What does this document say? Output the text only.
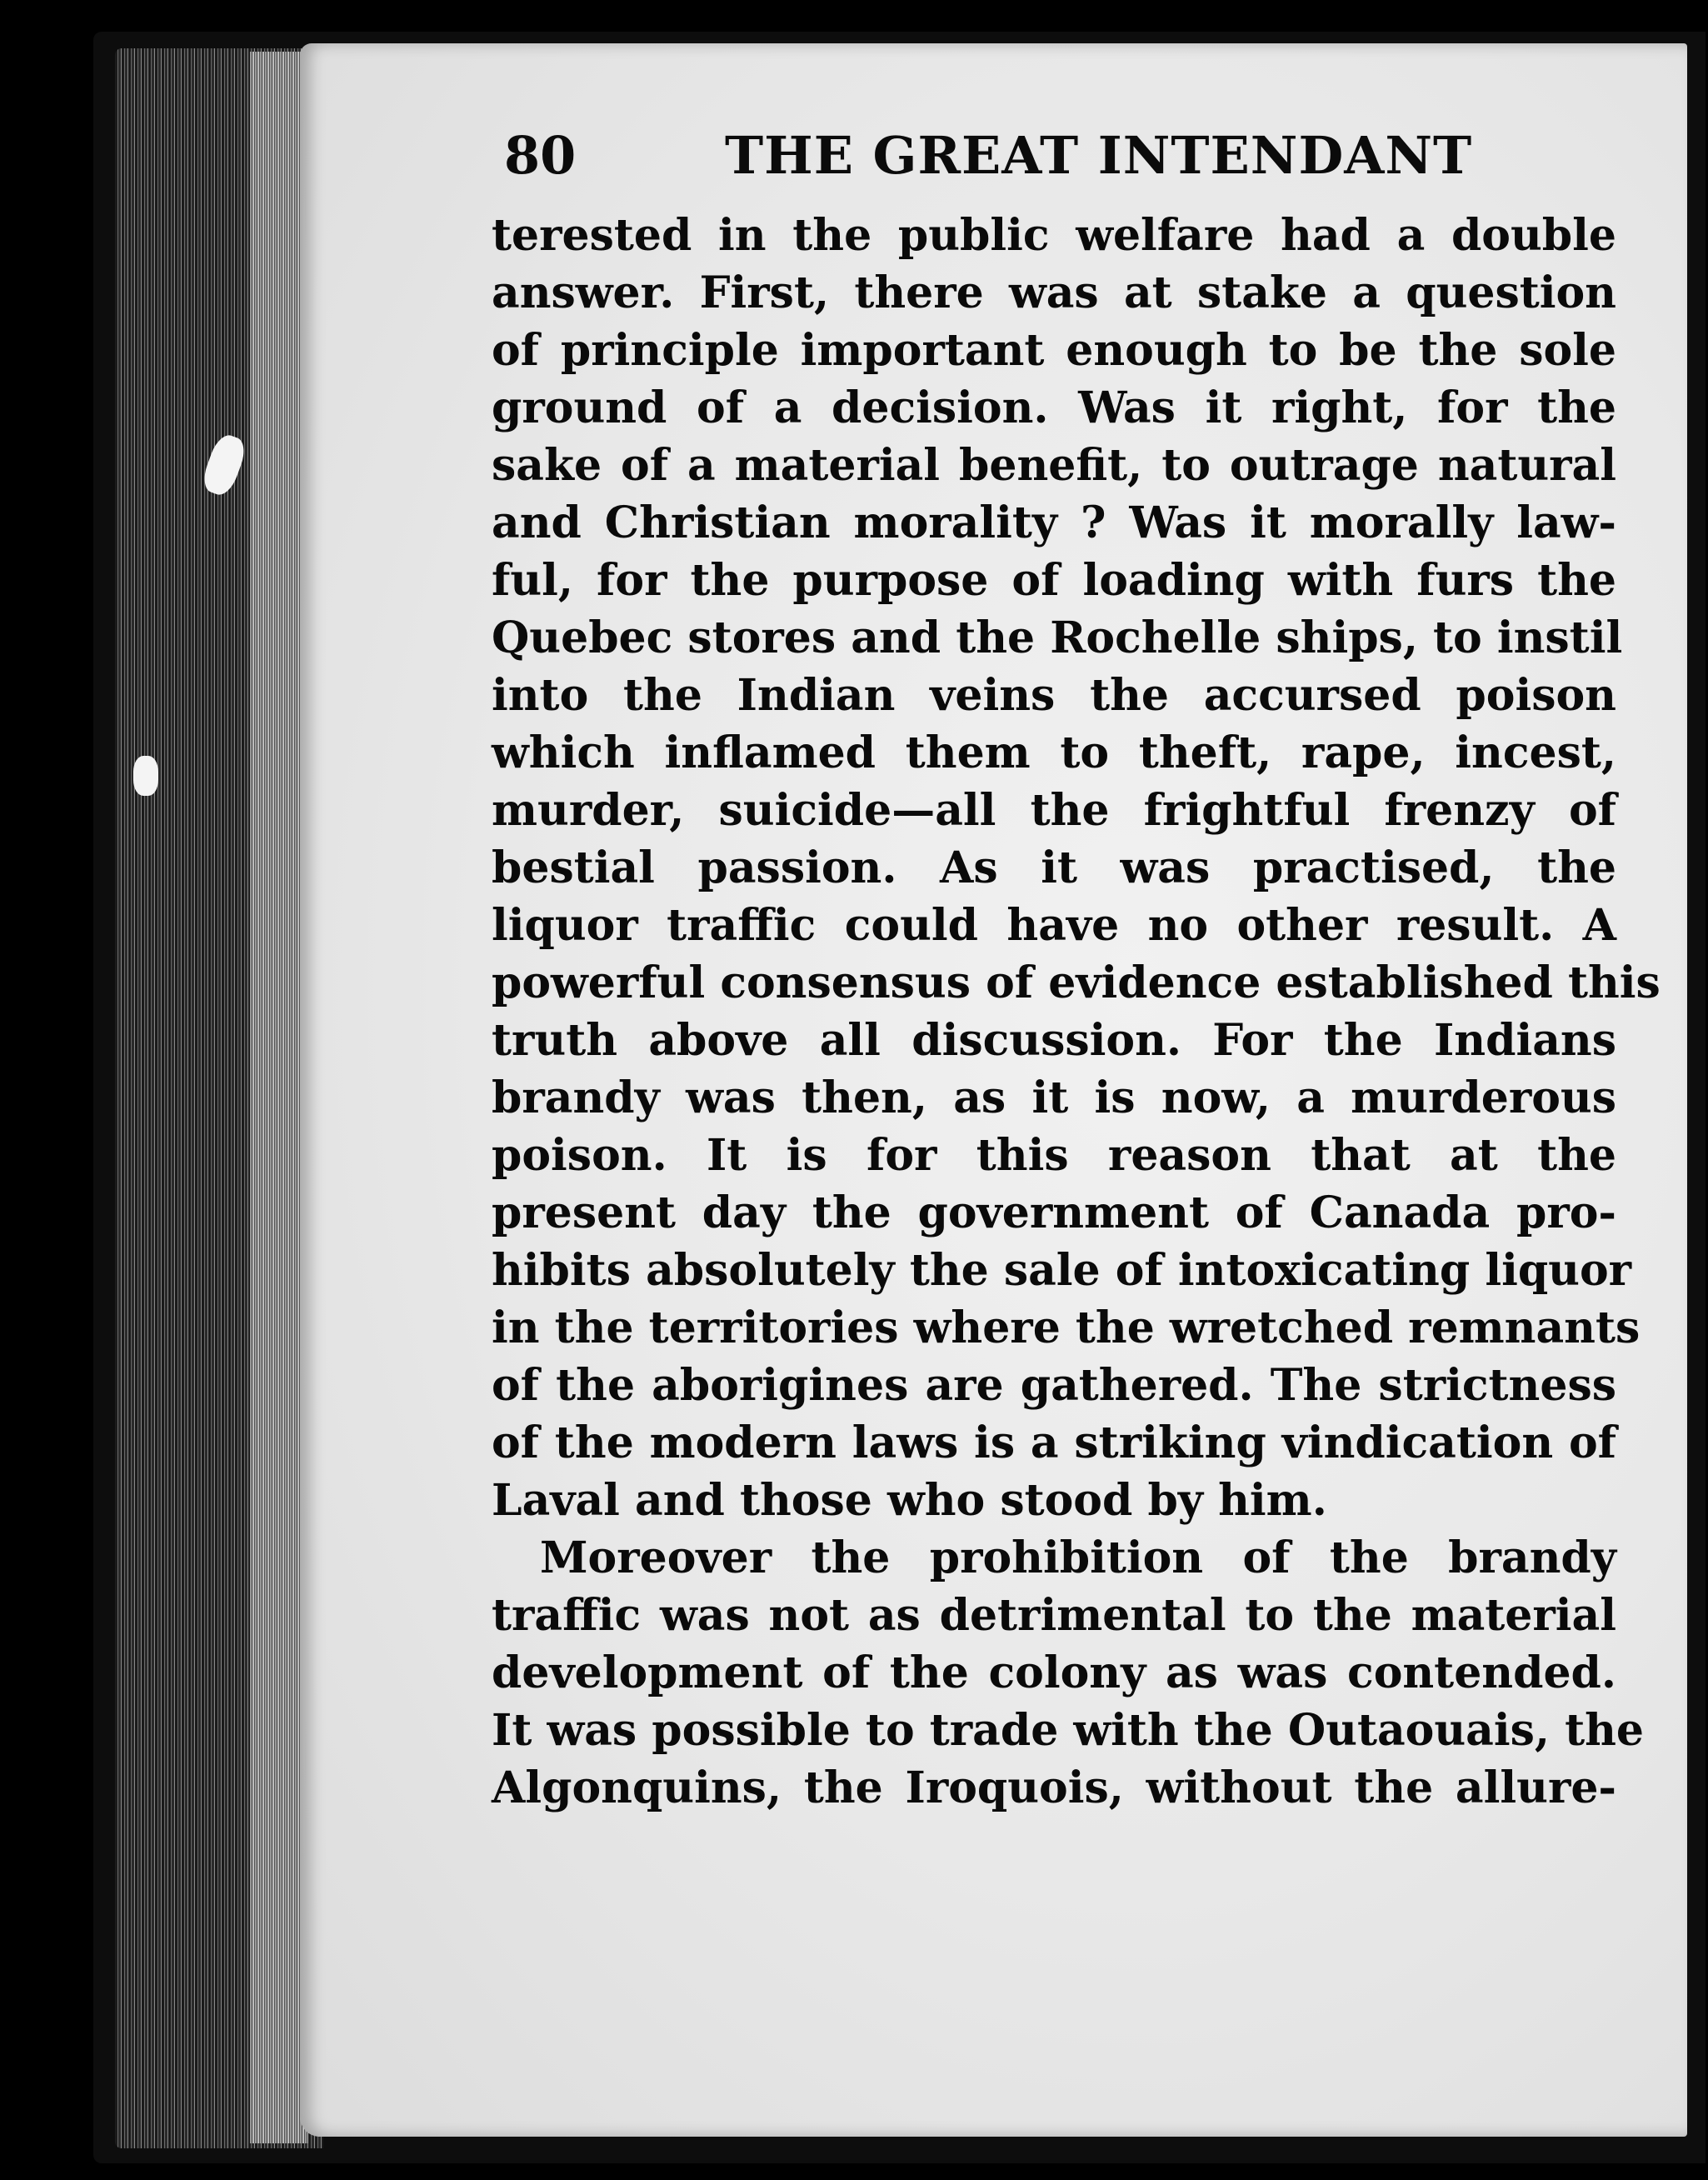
80	THE GREAT INTENDANT
terested in the public welfare had a double
answer. First, there was at stake a question
of principle important enough to be the sole
ground of a decision. Was it right, for the
sake of a material benefit, to outrage natural
and Christian morality ? Was it morally law-
ful, for the purpose of loading with furs the
Quebec stores and the Rochelle ships, to instil
into the Indian veins the accursed poison
which inflamed them to theft, rape, incest,
murder, suicide—all the frightful frenzy of
bestial passion. As it was practised, the
liquor traffic could have no other result. A
powerful consensus of evidence established this
truth above all discussion. For the Indians
brandy was then, as it is now, a murderous
poison. It is for this reason that at the
present day the government of Canada pro-
hibits absolutely the sale of intoxicating liquor
in the territories where the wretched remnants
of the aborigines are gathered. The strictness
of the modern laws is a striking vindication of
Laval and those who stood by him.
Moreover the prohibition of the brandy
traffic was not as detrimental to the material
development of the colony as was contended.
It was possible to trade with the Outaouais, the
Algonquins, the Iroquois, without the allure-
